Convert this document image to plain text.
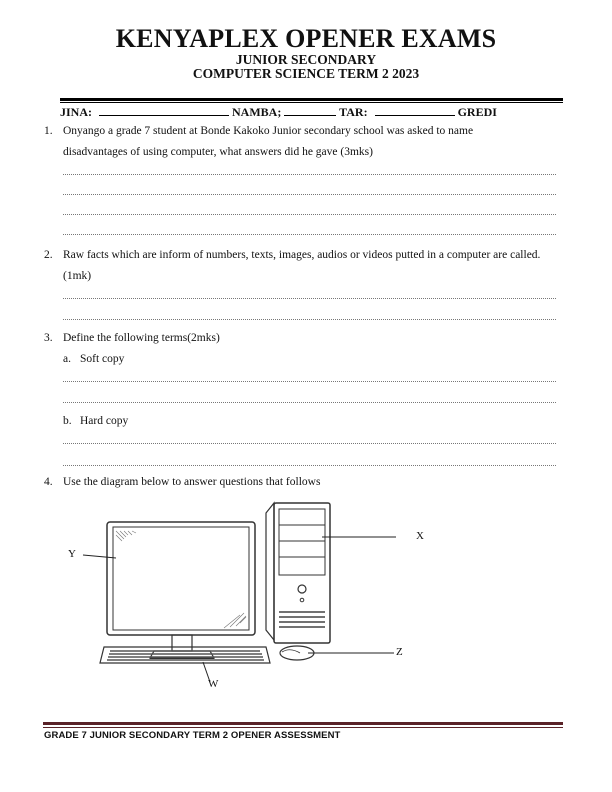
KENYAPLEX OPENER EXAMS
JUNIOR SECONDARY
COMPUTER SCIENCE TERM 2 2023
JINA:	NAMBA;	TAR:	GREDI
1. Onyango a grade 7 student at Bonde Kakoko Junior secondary school was asked to name
disadvantages of using computer, what answers did he gave (3mks)
2. Raw facts which are inform of numbers, texts, images, audios or videos putted in a computer are called.
(1mk)
3. Define the following terms(2mks)
a. Soft copy
b. Hard copy
4. Use the diagram below to answer questions that follows
Y
X
Z
W
GRADE 7 JUNIOR SECONDARY TERM 2 OPENER ASSESSMENT
